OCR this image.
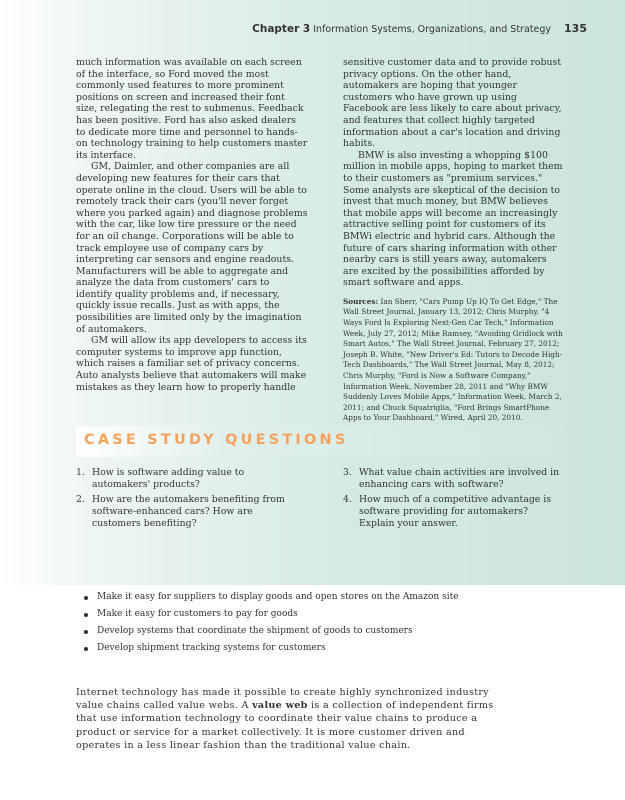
Chapter 3 Information Systems, Organizations, and Strategy 135

much information was available on each screen of the interface, so Ford moved the most commonly used features to more prominent

positions on screen and increased their font size, relegating the rest to submenus. Feedback has been positive. Ford has also asked dealers to dedicate more time and personnel to hands-on technology training to help customers master its interface.

GM, Daimler, and other companies are all developing new features for their cars that operate online in the cloud. Users will be able to remotely track their cars (you'll never forget where you parked again) and diagnose problems with the car, like low tire pressure or the need for an oil change. Corporations will be able to track employee use of company cars by interpreting car sensors and engine readouts. Manufacturers will be able to aggregate and analyze the data from customers' cars to identify quality problems and, if necessary, quickly issue recalls. Just as with apps, the possibilities are limited only by the imagination of automakers.

GM will allow its app developers to access its computer systems to improve app function, which raises a familiar set of privacy concerns. Auto analysts believe that automakers will make mistakes as they learn how to properly handle

sensitive customer data and to provide robust privacy options. On the other hand, automakers are hoping that younger customers who have grown up using Facebook are less likely to care about privacy, and features that collect highly targeted information about a car's location and driving habits.

BMW is also investing a whopping $100 million in mobile apps, hoping to market them to their customers as "premium services." Some analysts are skeptical of the decision to invest that much money, but BMW believes that mobile apps will become an increasingly attractive selling point for customers of its BMWi electric and hybrid cars. Although the future of cars sharing information with other nearby cars is still years away, automakers are excited by the possibilities afforded by smart software and apps.

Sources: Ian Sherr, "Cars Pump Up IQ To Get Edge," The Wall Street Journal, January 13, 2012; Chris Murphy, "4 Ways Ford Is Exploring Next-Gen Car Tech," Information Week, July 27, 2012; Mike Ramsey, "Avoiding Gridlock with Smart Autos," The Wall Street Journal, February 27, 2012; Joseph B. White, "New Driver's Ed: Tutors to Decode High-Tech Dashboards," The Wall Street Journal, May 8, 2012; Chris Murphy, "Ford is Now a Software Company," Information Week, November 28, 2011 and "Why BMW Suddenly Loves Mobile Apps," Information Week, March 2, 2011; and Chuck Squatriglia, "Ford Brings SmartPhone Apps to Your Dashboard," Wired, April 20, 2010.

CASE STUDY QUESTIONS
1. How is software adding value to automakers' products?
2. How are the automakers benefiting from software-enhanced cars? How are customers benefiting?
3. What value chain activities are involved in enhancing cars with software?
4. How much of a competitive advantage is software providing for automakers? Explain your answer.
Make it easy for suppliers to display goods and open stores on the Amazon site
Make it easy for customers to pay for goods
Develop systems that coordinate the shipment of goods to customers
Develop shipment tracking systems for customers

Internet technology has made it possible to create highly synchronized industry value chains called value webs. A value web is a collection of independent firms that use information technology to coordinate their value chains to produce a product or service for a market collectively. It is more customer driven and operates in a less linear fashion than the traditional value chain.
